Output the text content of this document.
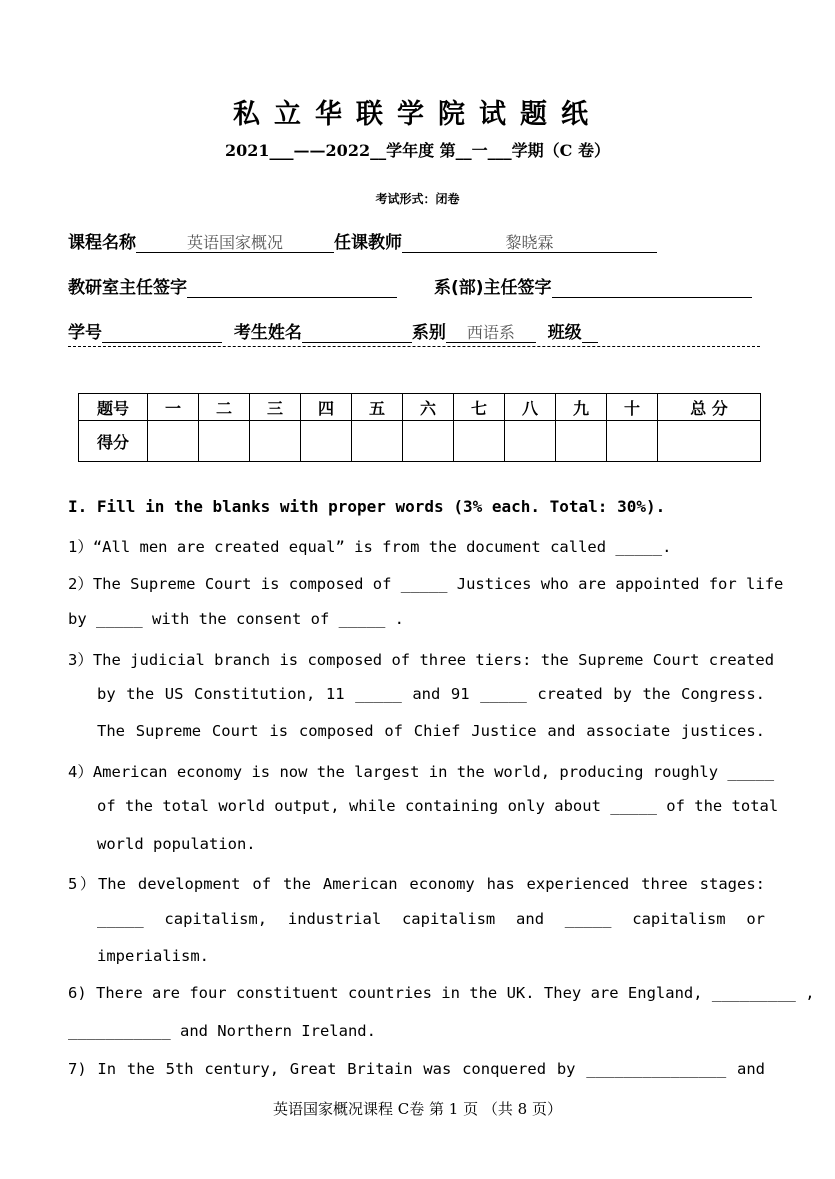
私立华联学院试题纸
2021___——2022__学年度 第__一___学期（C 卷）
考试形式：闭卷
课程名称	英语国家概况	任课教师	黎晓霖
教研室主任签字	系(部)主任签字
学号	考生姓名	系别 西语系 班级
题号	一	二	三	四	五	六	七	八	九	十	总 分
得分											
I. Fill in the blanks with proper words (3% each. Total: 30%).
1）“All men are created equal” is from the document called _____.
2）The Supreme Court is composed of _____ Justices who are appointed for life
by _____ with the consent of _____ .
3）The judicial branch is composed of three tiers: the Supreme Court created
by the US Constitution, 11 _____ and 91 _____ created by the Congress.
The Supreme Court is composed of Chief Justice and associate justices.
4）American economy is now the largest in the world, producing roughly _____
of the total world output, while containing only about _____ of the total
world population.
5）The development of the American economy has experienced three stages:
_____ capitalism, industrial capitalism and _____ capitalism or
imperialism.
6) There are four constituent countries in the UK. They are England, _________ ,
___________ and Northern Ireland.
7) In the 5th century, Great Britain was conquered by _______________ and
英语国家概况课程 C卷 第 1 页 （共 8 页）
